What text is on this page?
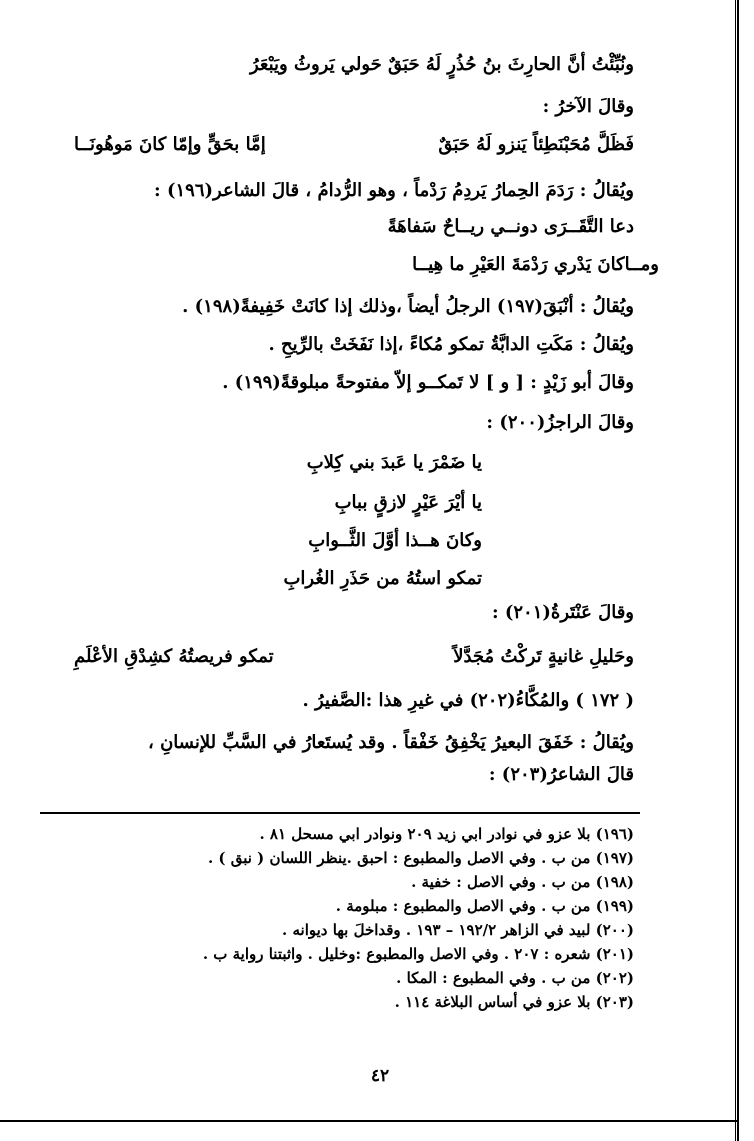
ونُبِّئْتُ أنَّ الحارِثَ بنُ حُذُرٍ لَهُ حَبَقٌ حَولي يَروثُ ويَبْعَرُ
وقالَ الآخرُ :
فَظَلَّ مُحَبْنَطِئاً يَنزو لَهُ حَبَقٌ
إمَّا بحَقٍّ وإمّا كانَ مَوهُونَــا
ويُقالُ : رَدَمَ الحِمارُ يَردِمُ رَدْماً ، وهو الرُّدامُ ، قالَ الشاعر(١٩٦) :
دعا التَّقَــرَى دونــي ريــاحٌ سَفاهَةً
ومــاكانَ يَدْري رَدْمَةَ العَيْرِ ما هِيــا
ويُقالُ : أنْبَقَ(١٩٧) الرجلُ أيضاً ،وذلك إذا كانَتْ خَفِيفةً(١٩٨) .
ويُقالُ : مَكَتِ الدابَّةُ تمكو مُكاءً ،إذا نَفَخَتْ بالرِّيحِ .
وقالَ أبو زَيْدٍ : [ و ] لا تَمكــو إلاّ مفتوحةً مبلوقةً(١٩٩) .
وقالَ الراجزُ(٢٠٠) :
يا ضَمْرَ يا عَبدَ بني كِلابِ
يا أيْرَ عَيْرٍ لازقٍ ببابِ
وكانَ هــذا أوَّلَ الثَّــوابِ
تمكو استُهُ من حَذَرِ الغُرابِ
وقالَ عَنْتَرةُ(٢٠١) :
وحَليلِ غانيةٍ تَركْتُ مُجَدَّلاً
تمكو فريصتُهُ كشِدْقِ الأعْلَمِ
( ١٧٢ ) والمُكَّاءُ(٢٠٢) في غيرِ هذا :الصَّفيرُ .
ويُقالُ : خَفَقَ البعيرُ يَخْفِقُ خَفْقاً . وقد يُستَعارُ في السَّبِّ للإنسانِ ،
قالَ الشاعرُ(٢٠٣) :
(١٩٦) بلا عزو في نوادر ابي زيد ٢٠٩ ونوادر ابي مسحل ٨١ .
(١٩٧) من ب . وفي الاصل والمطبوع : احبق .ينظر اللسان ( نبق ) .
(١٩٨) من ب . وفي الاصل : خفية .
(١٩٩) من ب . وفي الاصل والمطبوع : مبلومة .
(٢٠٠) لبيد في الزاهر ١٩٢/٢ – ١٩٣ . وقداخلَ بها ديوانه .
(٢٠١) شعره : ٢٠٧ . وفي الاصل والمطبوع :وخليل . واثبتنا رواية ب .
(٢٠٢) من ب . وفي المطبوع : المكا .
(٢٠٣) بلا عزو في أساس البلاغة ١١٤ .
٤٢
